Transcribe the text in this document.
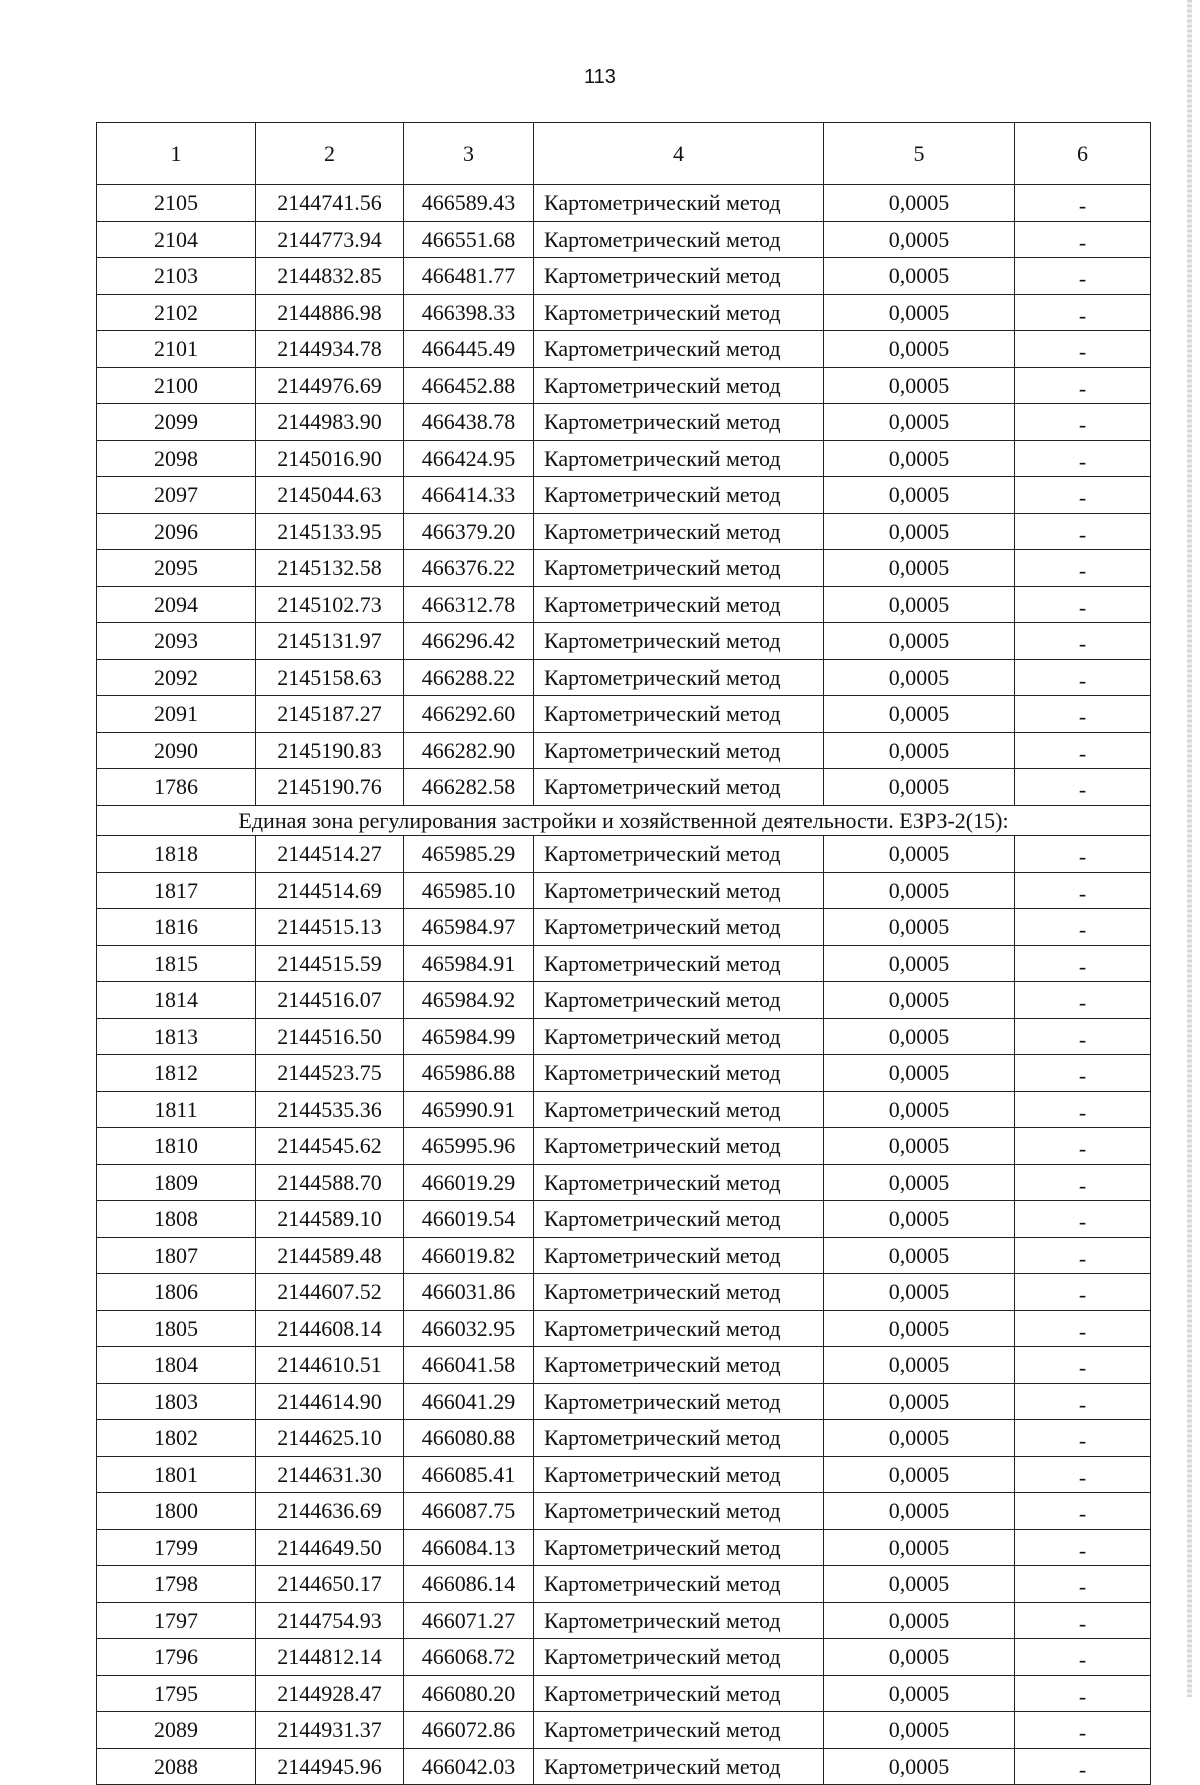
113
1	2	3	4	5	6
2105	2144741.56	466589.43	Картометрический метод	0,0005	-
2104	2144773.94	466551.68	Картометрический метод	0,0005	-
2103	2144832.85	466481.77	Картометрический метод	0,0005	-
2102	2144886.98	466398.33	Картометрический метод	0,0005	-
2101	2144934.78	466445.49	Картометрический метод	0,0005	-
2100	2144976.69	466452.88	Картометрический метод	0,0005	-
2099	2144983.90	466438.78	Картометрический метод	0,0005	-
2098	2145016.90	466424.95	Картометрический метод	0,0005	-
2097	2145044.63	466414.33	Картометрический метод	0,0005	-
2096	2145133.95	466379.20	Картометрический метод	0,0005	-
2095	2145132.58	466376.22	Картометрический метод	0,0005	-
2094	2145102.73	466312.78	Картометрический метод	0,0005	-
2093	2145131.97	466296.42	Картометрический метод	0,0005	-
2092	2145158.63	466288.22	Картометрический метод	0,0005	-
2091	2145187.27	466292.60	Картометрический метод	0,0005	-
2090	2145190.83	466282.90	Картометрический метод	0,0005	-
1786	2145190.76	466282.58	Картометрический метод	0,0005	-
Единая зона регулирования застройки и хозяйственной деятельности. ЕЗРЗ-2(15):					
1818	2144514.27	465985.29	Картометрический метод	0,0005	-
1817	2144514.69	465985.10	Картометрический метод	0,0005	-
1816	2144515.13	465984.97	Картометрический метод	0,0005	-
1815	2144515.59	465984.91	Картометрический метод	0,0005	-
1814	2144516.07	465984.92	Картометрический метод	0,0005	-
1813	2144516.50	465984.99	Картометрический метод	0,0005	-
1812	2144523.75	465986.88	Картометрический метод	0,0005	-
1811	2144535.36	465990.91	Картометрический метод	0,0005	-
1810	2144545.62	465995.96	Картометрический метод	0,0005	-
1809	2144588.70	466019.29	Картометрический метод	0,0005	-
1808	2144589.10	466019.54	Картометрический метод	0,0005	-
1807	2144589.48	466019.82	Картометрический метод	0,0005	-
1806	2144607.52	466031.86	Картометрический метод	0,0005	-
1805	2144608.14	466032.95	Картометрический метод	0,0005	-
1804	2144610.51	466041.58	Картометрический метод	0,0005	-
1803	2144614.90	466041.29	Картометрический метод	0,0005	-
1802	2144625.10	466080.88	Картометрический метод	0,0005	-
1801	2144631.30	466085.41	Картометрический метод	0,0005	-
1800	2144636.69	466087.75	Картометрический метод	0,0005	-
1799	2144649.50	466084.13	Картометрический метод	0,0005	-
1798	2144650.17	466086.14	Картометрический метод	0,0005	-
1797	2144754.93	466071.27	Картометрический метод	0,0005	-
1796	2144812.14	466068.72	Картометрический метод	0,0005	-
1795	2144928.47	466080.20	Картометрический метод	0,0005	-
2089	2144931.37	466072.86	Картометрический метод	0,0005	-
2088	2144945.96	466042.03	Картометрический метод	0,0005	-
